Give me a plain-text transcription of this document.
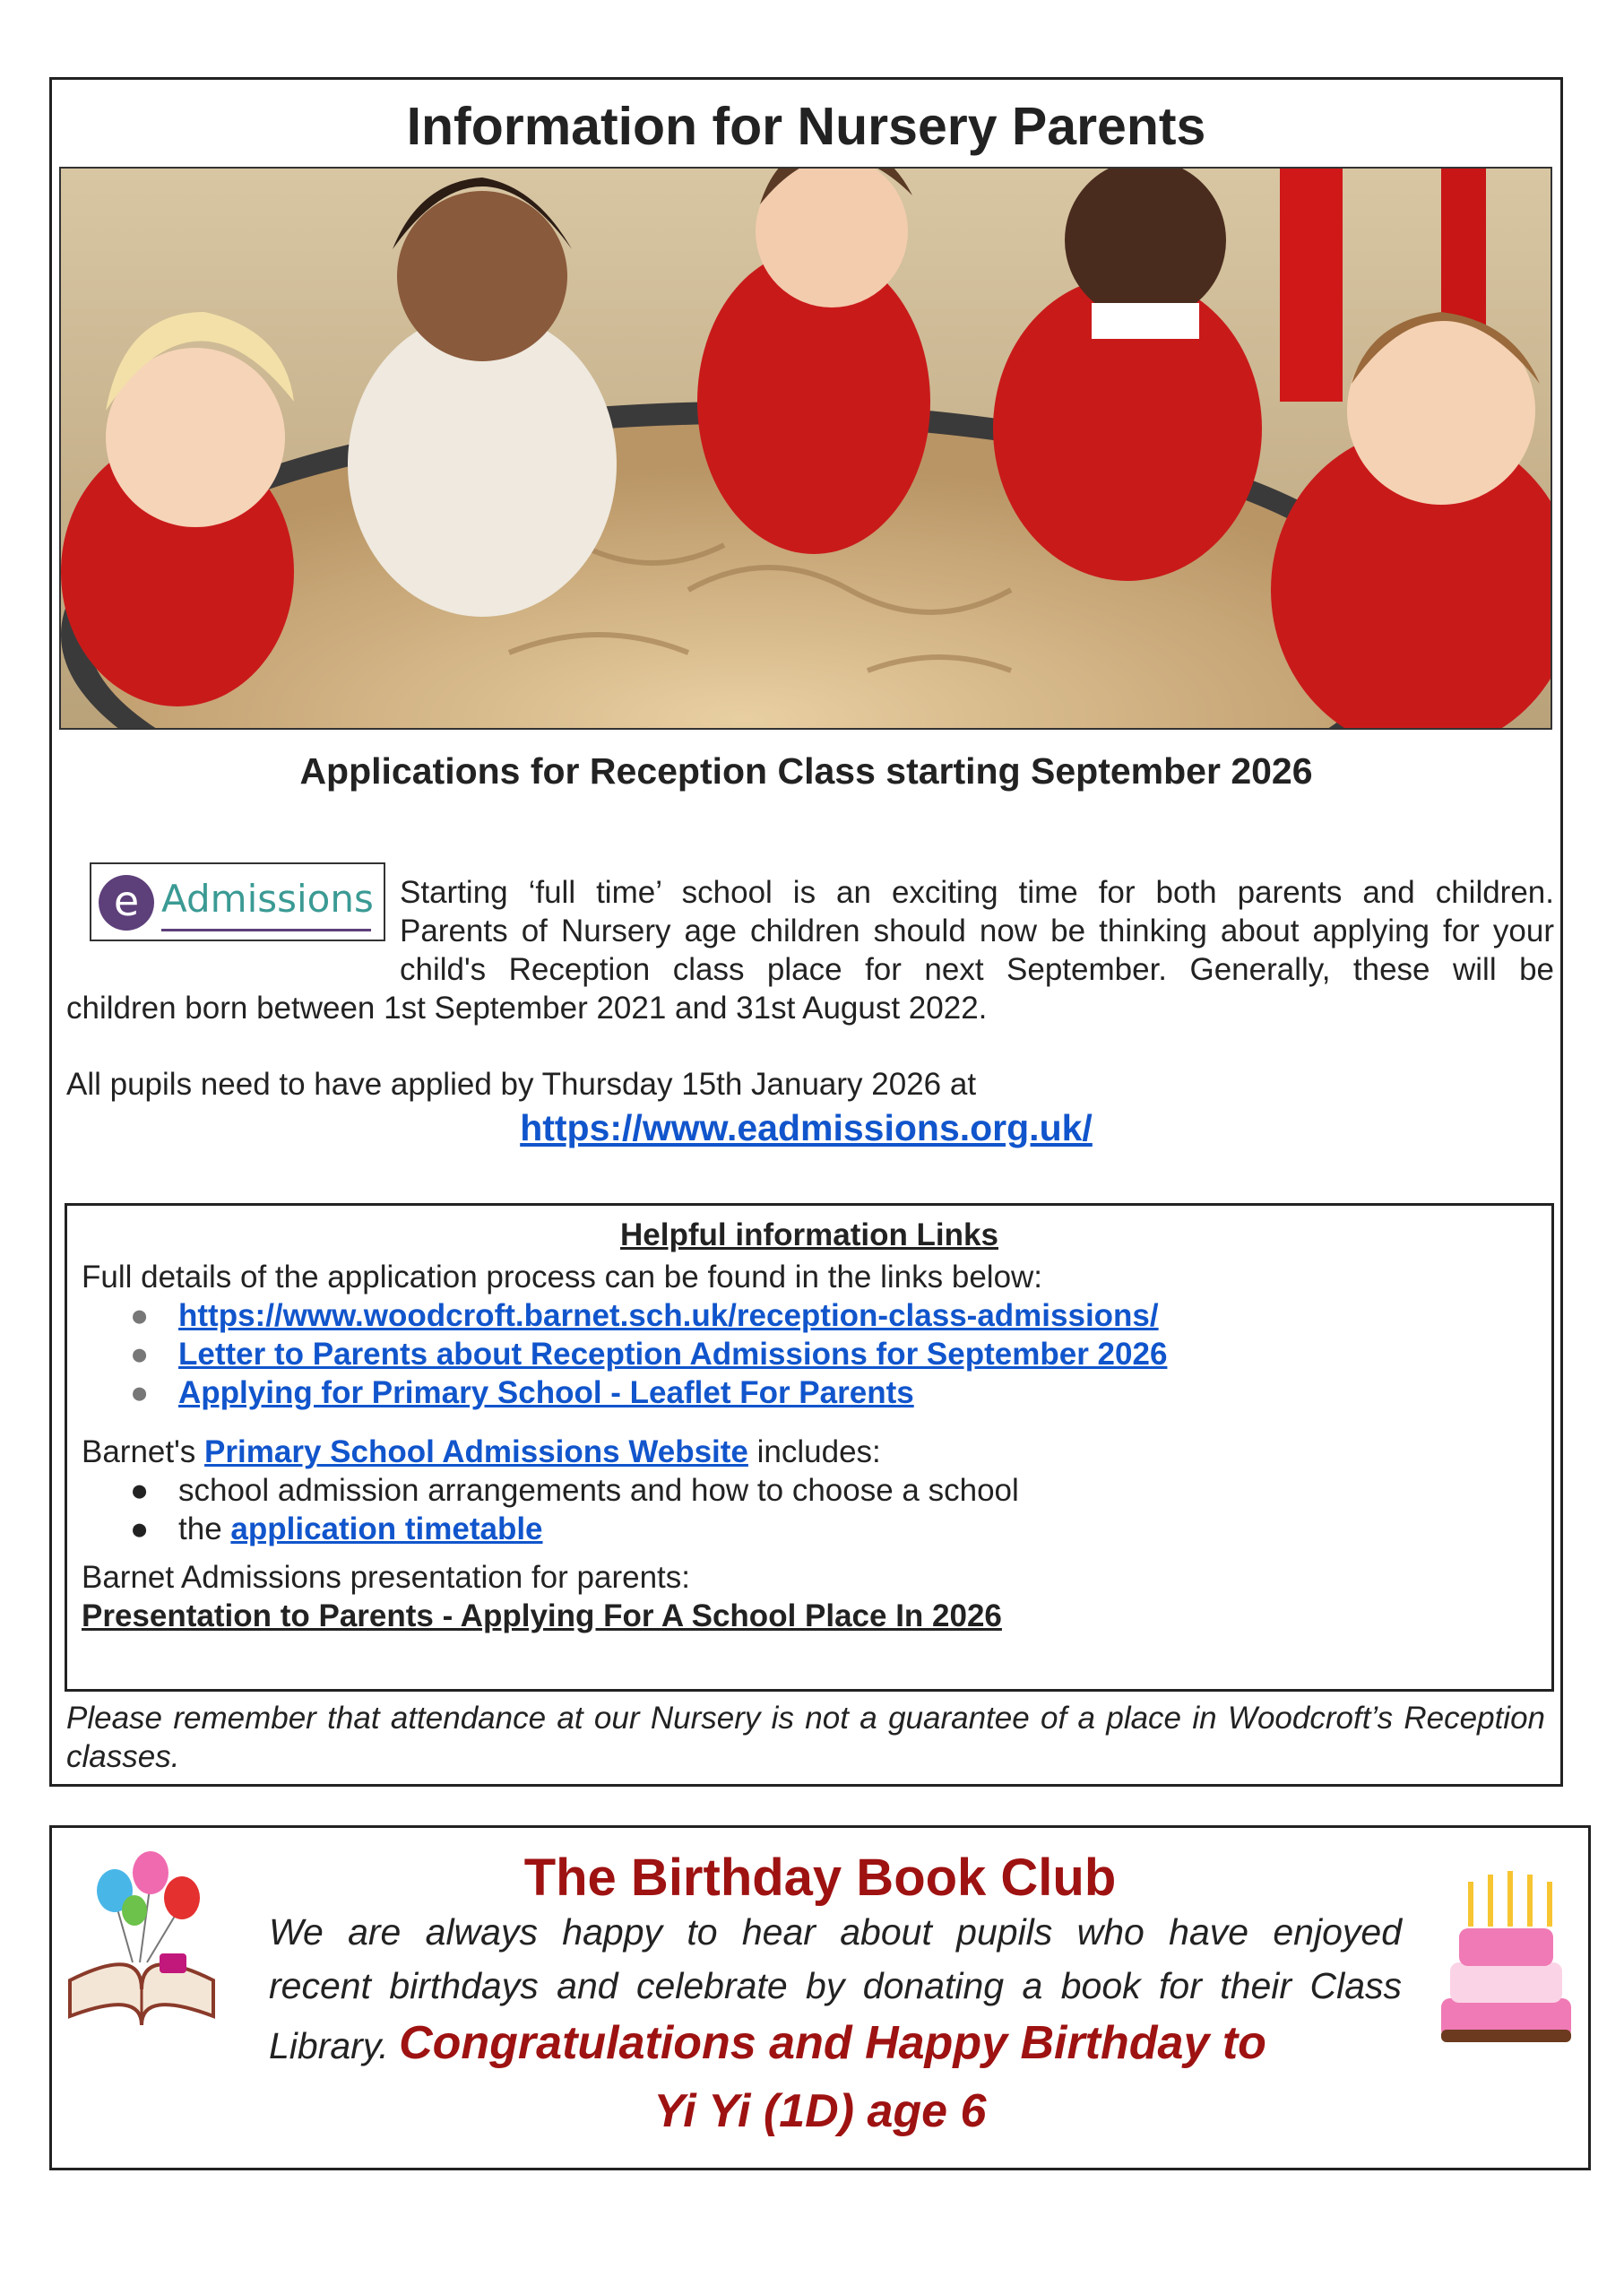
Information for Nursery Parents
Applications for Reception Class starting September 2026
e Admissions Starting ‘full time’ school is an exciting time for both parents and children.
Parents of Nursery age children should now be thinking about applying for your
child's Reception class place for next September. Generally, these will be
children born between 1st September 2021 and 31st August 2022.
All pupils need to have applied by Thursday 15th January 2026 at
https://www.eadmissions.org.uk/
Helpful information Links
Full details of the application process can be found in the links below:
● https://www.woodcroft.barnet.sch.uk/reception-class-admissions/
● Letter to Parents about Reception Admissions for September 2026
● Applying for Primary School - Leaflet For Parents
Barnet's Primary School Admissions Website includes:
● school admission arrangements and how to choose a school
● the application timetable
Barnet Admissions presentation for parents:
Presentation to Parents - Applying For A School Place In 2026
Please remember that attendance at our Nursery is not a guarantee of a place in Woodcroft’s Reception classes.
The Birthday Book Club
We are always happy to hear about pupils who have enjoyed
recent birthdays and celebrate by donating a book for their Class
Library. Congratulations and Happy Birthday to
Yi Yi (1D) age 6
